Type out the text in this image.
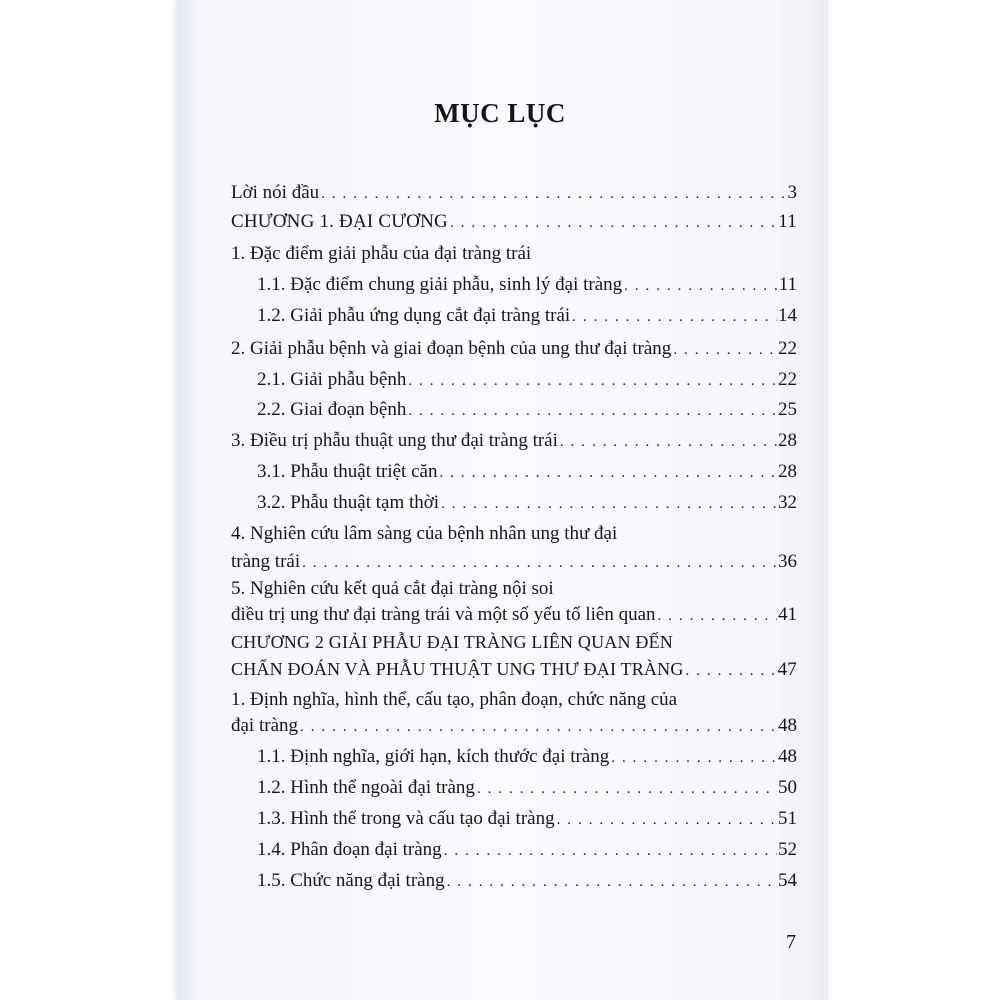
MỤC LỤC
Lời nói đầu . . .	3
CHƯƠNG 1. ĐẠI CƯƠNG . . .	11
1. Đặc điểm giải phẫu của đại tràng trái
1.1. Đặc điểm chung giải phẫu, sinh lý đại tràng . . .	11
1.2. Giải phẫu ứng dụng cắt đại tràng trái . . .	14
2. Giải phẫu bệnh và giai đoạn bệnh của ung thư đại tràng . . .	22
2.1. Giải phẫu bệnh . . .	22
2.2. Giai đoạn bệnh . . .	25
3. Điều trị phẫu thuật ung thư đại tràng trái . . .	28
3.1. Phẫu thuật triệt căn . . .	28
3.2. Phẫu thuật tạm thời . . .	32
4. Nghiên cứu lâm sàng của bệnh nhân ung thư đại
tràng trái . . .	36
5. Nghiên cứu kết quả cắt đại tràng nội soi
điều trị ung thư đại tràng trái và một số yếu tố liên quan . . .	41
CHƯƠNG 2 GIẢI PHẪU ĐẠI TRÀNG LIÊN QUAN ĐẾN
CHẨN ĐOÁN VÀ PHẪU THUẬT UNG THƯ ĐẠI TRÀNG . . .	47
1. Định nghĩa, hình thể, cấu tạo, phân đoạn, chức năng của
đại tràng . . .	48
1.1. Định nghĩa, giới hạn, kích thước đại tràng . . .	48
1.2. Hình thể ngoài đại tràng . . .	50
1.3. Hình thể trong và cấu tạo đại tràng . . .	51
1.4. Phân đoạn đại tràng . . .	52
1.5. Chức năng đại tràng . . .	54
7
